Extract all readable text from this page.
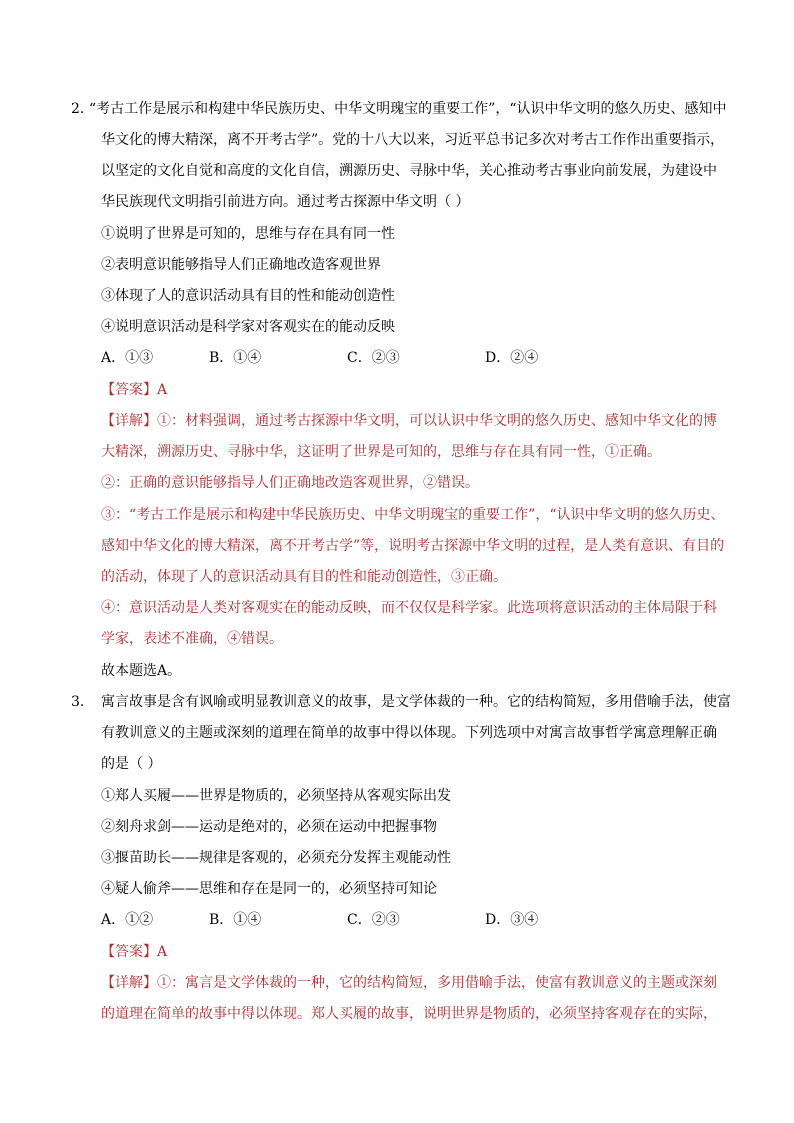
2．
“考古工作是展示和构建中华民族历史、中华文明瑰宝的重要工作”，“认识中华文明的悠久历史、感知中
华文化的博大精深，离不开考古学”。党的十八大以来，习近平总书记多次对考古工作作出重要指示，
以坚定的文化自觉和高度的文化自信，溯源历史、寻脉中华，关心推动考古事业向前发展，为建设中
华民族现代文明指引前进方向。通过考古探源中华文明（ ）
①说明了世界是可知的，思维与存在具有同一性
②表明意识能够指导人们正确地改造客观世界
③体现了人的意识活动具有目的性和能动创造性
④说明意识活动是科学家对客观实在的能动反映
A．①③	B．①④	C．②③	D．②④
【答案】A
【详解】①：材料强调，通过考古探源中华文明，可以认识中华文明的悠久历史、感知中华文化的博
大精深，溯源历史、寻脉中华，这证明了世界是可知的，思维与存在具有同一性，①正确。
②：正确的意识能够指导人们正确地改造客观世界，②错误。
③：“考古工作是展示和构建中华民族历史、中华文明瑰宝的重要工作”，“认识中华文明的悠久历史、
感知中华文化的博大精深，离不开考古学”等，说明考古探源中华文明的过程，是人类有意识、有目的
的活动，体现了人的意识活动具有目的性和能动创造性，③正确。
④：意识活动是人类对客观实在的能动反映，而不仅仅是科学家。此选项将意识活动的主体局限于科
学家，表述不准确，④错误。
故本题选A。
3． 寓言故事是含有讽喻或明显教训意义的故事，是文学体裁的一种。它的结构简短，多用借喻手法，使富
有教训意义的主题或深刻的道理在简单的故事中得以体现。下列选项中对寓言故事哲学寓意理解正确
的是（ ）
①郑人买履——世界是物质的，必须坚持从客观实际出发
②刻舟求剑——运动是绝对的，必须在运动中把握事物
③揠苗助长——规律是客观的，必须充分发挥主观能动性
④疑人偷斧——思维和存在是同一的，必须坚持可知论
A．①②	B．①④	C．②③	D．③④
【答案】A
【详解】①：寓言是文学体裁的一种，它的结构简短，多用借喻手法，使富有教训意义的主题或深刻
的道理在简单的故事中得以体现。郑人买履的故事，说明世界是物质的，必须坚持客观存在的实际，
